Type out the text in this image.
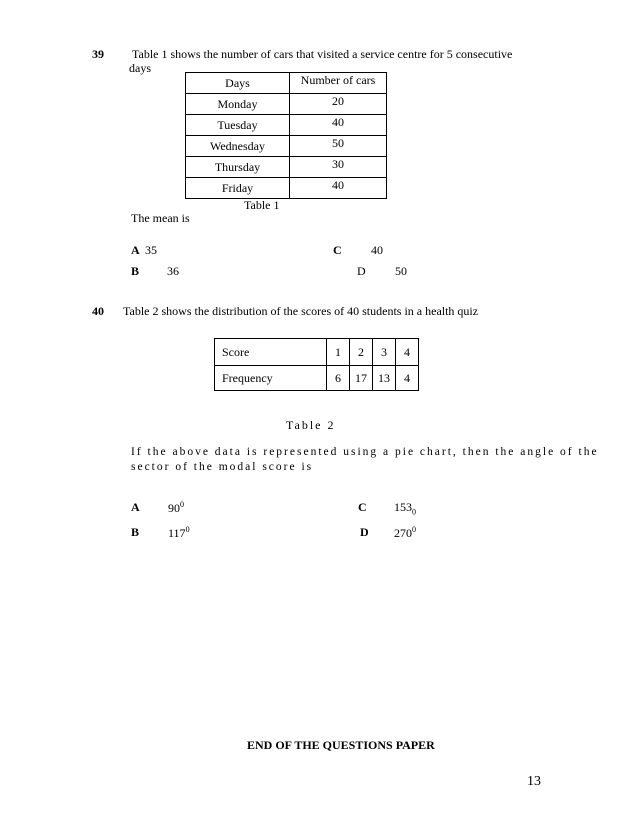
39 Table 1 shows the number of cars that visited a service centre for 5 consecutive
days
Days	Number of cars
Monday	20
Tuesday	40
Wednesday	50
Thursday	30
Friday	40
Table 1
The mean is
A 35	C 40
B 36	D 50
40 Table 2 shows the distribution of the scores of 40 students in a health quiz
Score	1	2	3	4
Frequency	6	17	13	4
Table 2
If the above data is represented using a pie chart, then the angle of the
sector of the modal score is
A $90^0$	C $153_0$
B $117^0$	D $270^0$
END OF THE QUESTIONS PAPER
13
